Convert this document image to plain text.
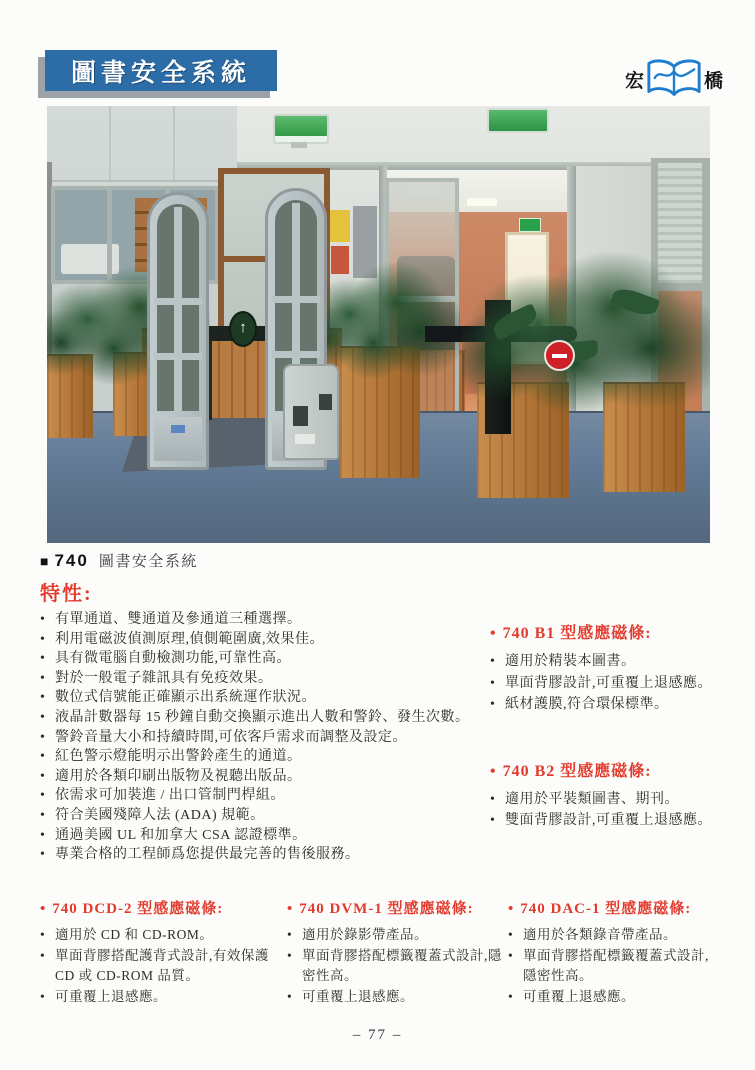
圖書安全系統	宏	橋
↑
■ 740 圖書安全系統
特性:
• 有單通道、雙通道及參通道三種選擇。
• 利用電磁波偵測原理,偵側範圍廣,效果佳。
• 具有微電腦自動檢測功能,可靠性高。
• 對於一般電子雜訊具有免疫效果。
• 數位式信號能正確顯示出系統運作狀況。
• 液晶計數器每 15 秒鐘自動交換顯示進出人數和警鈴、發生次數。
• 警鈴音量大小和持續時間,可依客戶需求而調整及設定。
• 紅色警示燈能明示出警鈴產生的通道。
• 適用於各類印刷出版物及視聽出版品。
• 依需求可加裝進 / 出口管制門桿組。
• 符合美國殘障人法 (ADA) 規範。
• 通過美國 UL 和加拿大 CSA 認證標準。
• 專業合格的工程師爲您提供最完善的售後服務。
• 740 B1 型感應磁條:
• 適用於精裝本圖書。
• 單面背膠設計,可重覆上退感應。
• 紙材護膜,符合環保標準。
• 740 B2 型感應磁條:
• 適用於平裝類圖書、期刊。
• 雙面背膠設計,可重覆上退感應。
• 740 DCD-2 型感應磁條:
• 適用於 CD 和 CD-ROM。
• 單面背膠搭配護背式設計,有效保護 CD 或 CD-ROM 品質。
• 可重覆上退感應。
• 740 DVM-1 型感應磁條:
• 適用於錄影帶產品。
• 單面背膠搭配標籤覆蓋式設計,隱密性高。
• 可重覆上退感應。
• 740 DAC-1 型感應磁條:
• 適用於各類錄音帶產品。
• 單面背膠搭配標籤覆蓋式設計,隱密性高。
• 可重覆上退感應。
– 77 –
